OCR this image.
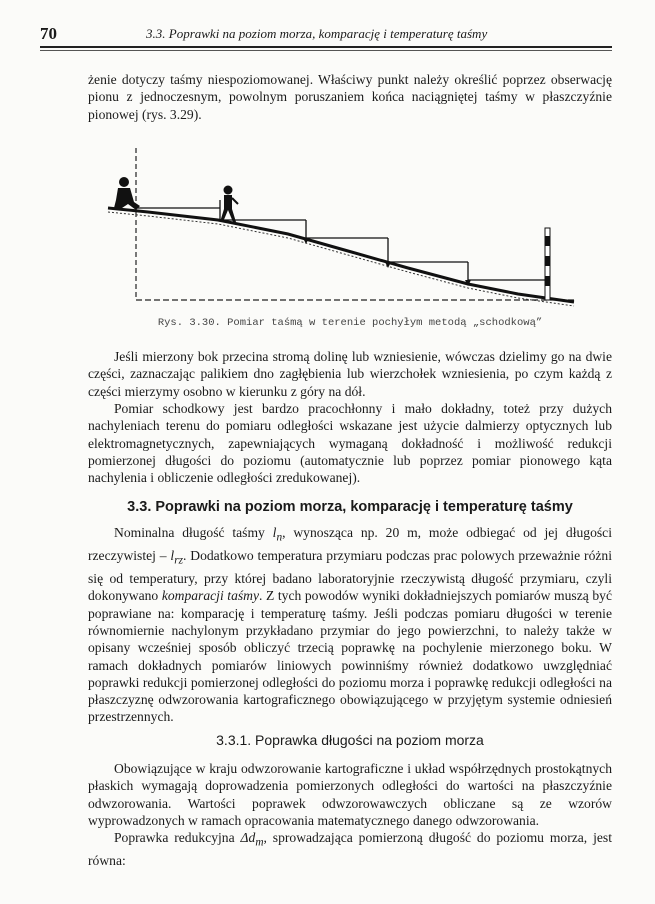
70	3.3. Poprawki na poziom morza, komparację i temperaturę taśmy

żenie dotyczy taśmy niespoziomowanej. Właściwy punkt należy określić poprzez obserwację pionu z jednoczesnym, powolnym poruszaniem końca naciągniętej taśmy w płaszczyźnie pionowej (rys. 3.29).

Rys. 3.30. Pomiar taśmą w terenie pochyłym metodą „schodkową”

Jeśli mierzony bok przecina stromą dolinę lub wzniesienie, wówczas dzielimy go na dwie części, zaznaczając palikiem dno zagłębienia lub wierzchołek wzniesienia, po czym każdą z części mierzymy osobno w kierunku z góry na dół.

Pomiar schodkowy jest bardzo pracochłonny i mało dokładny, toteż przy dużych nachyleniach terenu do pomiaru odległości wskazane jest użycie dalmierzy optycznych lub elektromagnetycznych, zapewniających wymaganą dokładność i możliwość redukcji pomierzonej długości do poziomu (automatycznie lub poprzez pomiar pionowego kąta nachylenia i obliczenie odległości zredukowanej).

3.3. Poprawki na poziom morza, komparację i temperaturę taśmy

Nominalna długość taśmy $l_n$, wynosząca np. 20 m, może odbiegać od jej długości rzeczywistej – $l_{rz}$. Dodatkowo temperatura przymiaru podczas prac polowych przeważnie różni się od temperatury, przy której badano laboratoryjnie rzeczywistą długość przymiaru, czyli dokonywano komparacji taśmy. Z tych powodów wyniki dokładniejszych pomiarów muszą być poprawiane na: komparację i temperaturę taśmy. Jeśli podczas pomiaru długości w terenie równomiernie nachylonym przykładano przymiar do jego powierzchni, to należy także w opisany wcześniej sposób obliczyć trzecią poprawkę na pochylenie mierzonego boku. W ramach dokładnych pomiarów liniowych powinniśmy również dodatkowo uwzględniać poprawki redukcji pomierzonej odległości do poziomu morza i poprawkę redukcji odległości na płaszczyznę odwzorowania kartograficznego obowiązującego w przyjętym systemie odniesień przestrzennych.

3.3.1. Poprawka długości na poziom morza

Obowiązujące w kraju odwzorowanie kartograficzne i układ współrzędnych prostokątnych płaskich wymagają doprowadzenia pomierzonych odległości do wartości na płaszczyźnie odwzorowania. Wartości poprawek odwzorowawczych obliczane są ze wzorów wyprowadzonych w ramach opracowania matematycznego danego odwzorowania.

Poprawka redukcyjna $\Delta d_m$, sprowadzająca pomierzoną długość do poziomu morza, jest równa:
